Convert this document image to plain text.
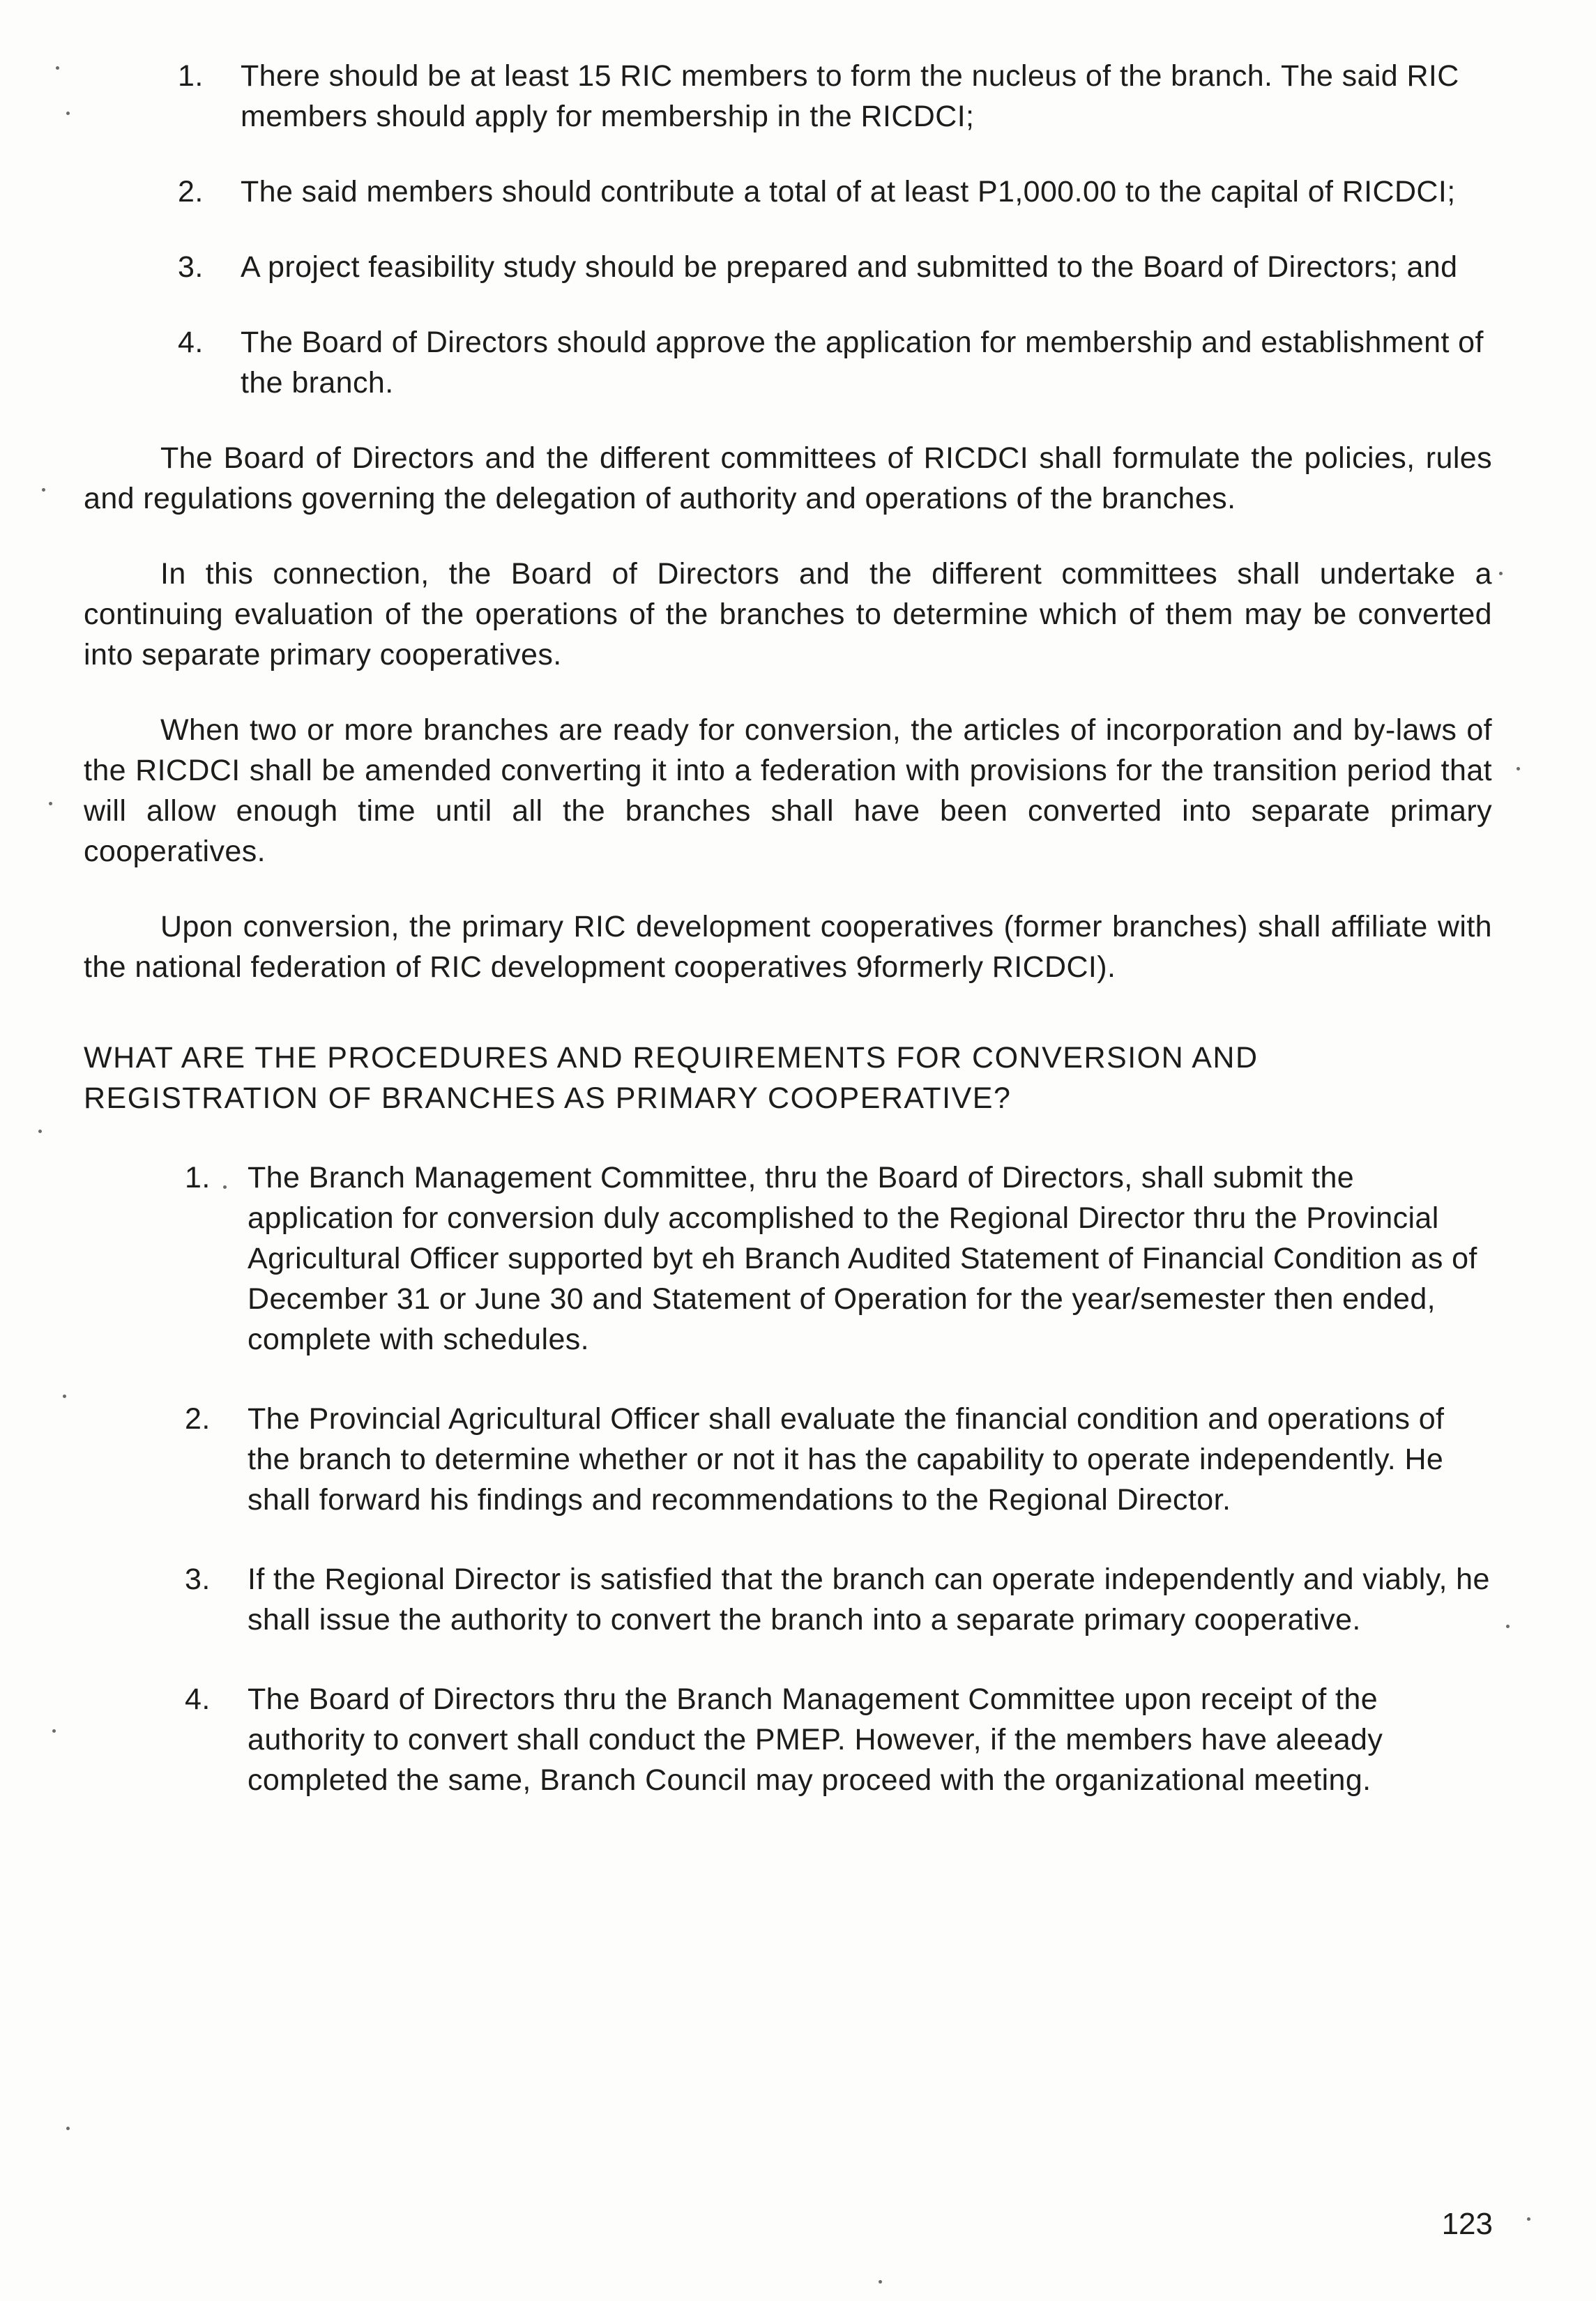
1. There should be at least 15 RIC members to form the nucleus of the branch. The said RIC members should apply for membership in the RICDCI;
2. The said members should contribute a total of at least P1,000.00 to the capital of RICDCI;
3. A project feasibility study should be prepared and submitted to the Board of Directors; and
4. The Board of Directors should approve the application for membership and establishment of the branch.

The Board of Directors and the different committees of RICDCI shall formulate the policies, rules and regulations governing the delegation of authority and operations of the branches.

In this connection, the Board of Directors and the different committees shall undertake a continuing evaluation of the operations of the branches to determine which of them may be converted into separate primary cooperatives.

When two or more branches are ready for conversion, the articles of incorporation and by-laws of the RICDCI shall be amended converting it into a federation with provisions for the transition period that will allow enough time until all the branches shall have been converted into separate primary cooperatives.

Upon conversion, the primary RIC development cooperatives (former branches) shall affiliate with the national federation of RIC development cooperatives 9formerly RICDCI).

WHAT ARE THE PROCEDURES AND REQUIREMENTS FOR CONVERSION AND
REGISTRATION OF BRANCHES AS PRIMARY COOPERATIVE?
1. The Branch Management Committee, thru the Board of Directors, shall submit the application for conversion duly accomplished to the Regional Director thru the Provincial Agricultural Officer supported byt eh Branch Audited Statement of Financial Condition as of December 31 or June 30 and Statement of Operation for the year/semester then ended, complete with schedules.
2. The Provincial Agricultural Officer shall evaluate the financial condition and operations of the branch to determine whether or not it has the capability to operate independently. He shall forward his findings and recommendations to the Regional Director.
3. If the Regional Director is satisfied that the branch can operate independently and viably, he shall issue the authority to convert the branch into a separate primary cooperative.
4. The Board of Directors thru the Branch Management Committee upon receipt of the authority to convert shall conduct the PMEP. However, if the members have aleeady completed the same, Branch Council may proceed with the organizational meeting.
123
